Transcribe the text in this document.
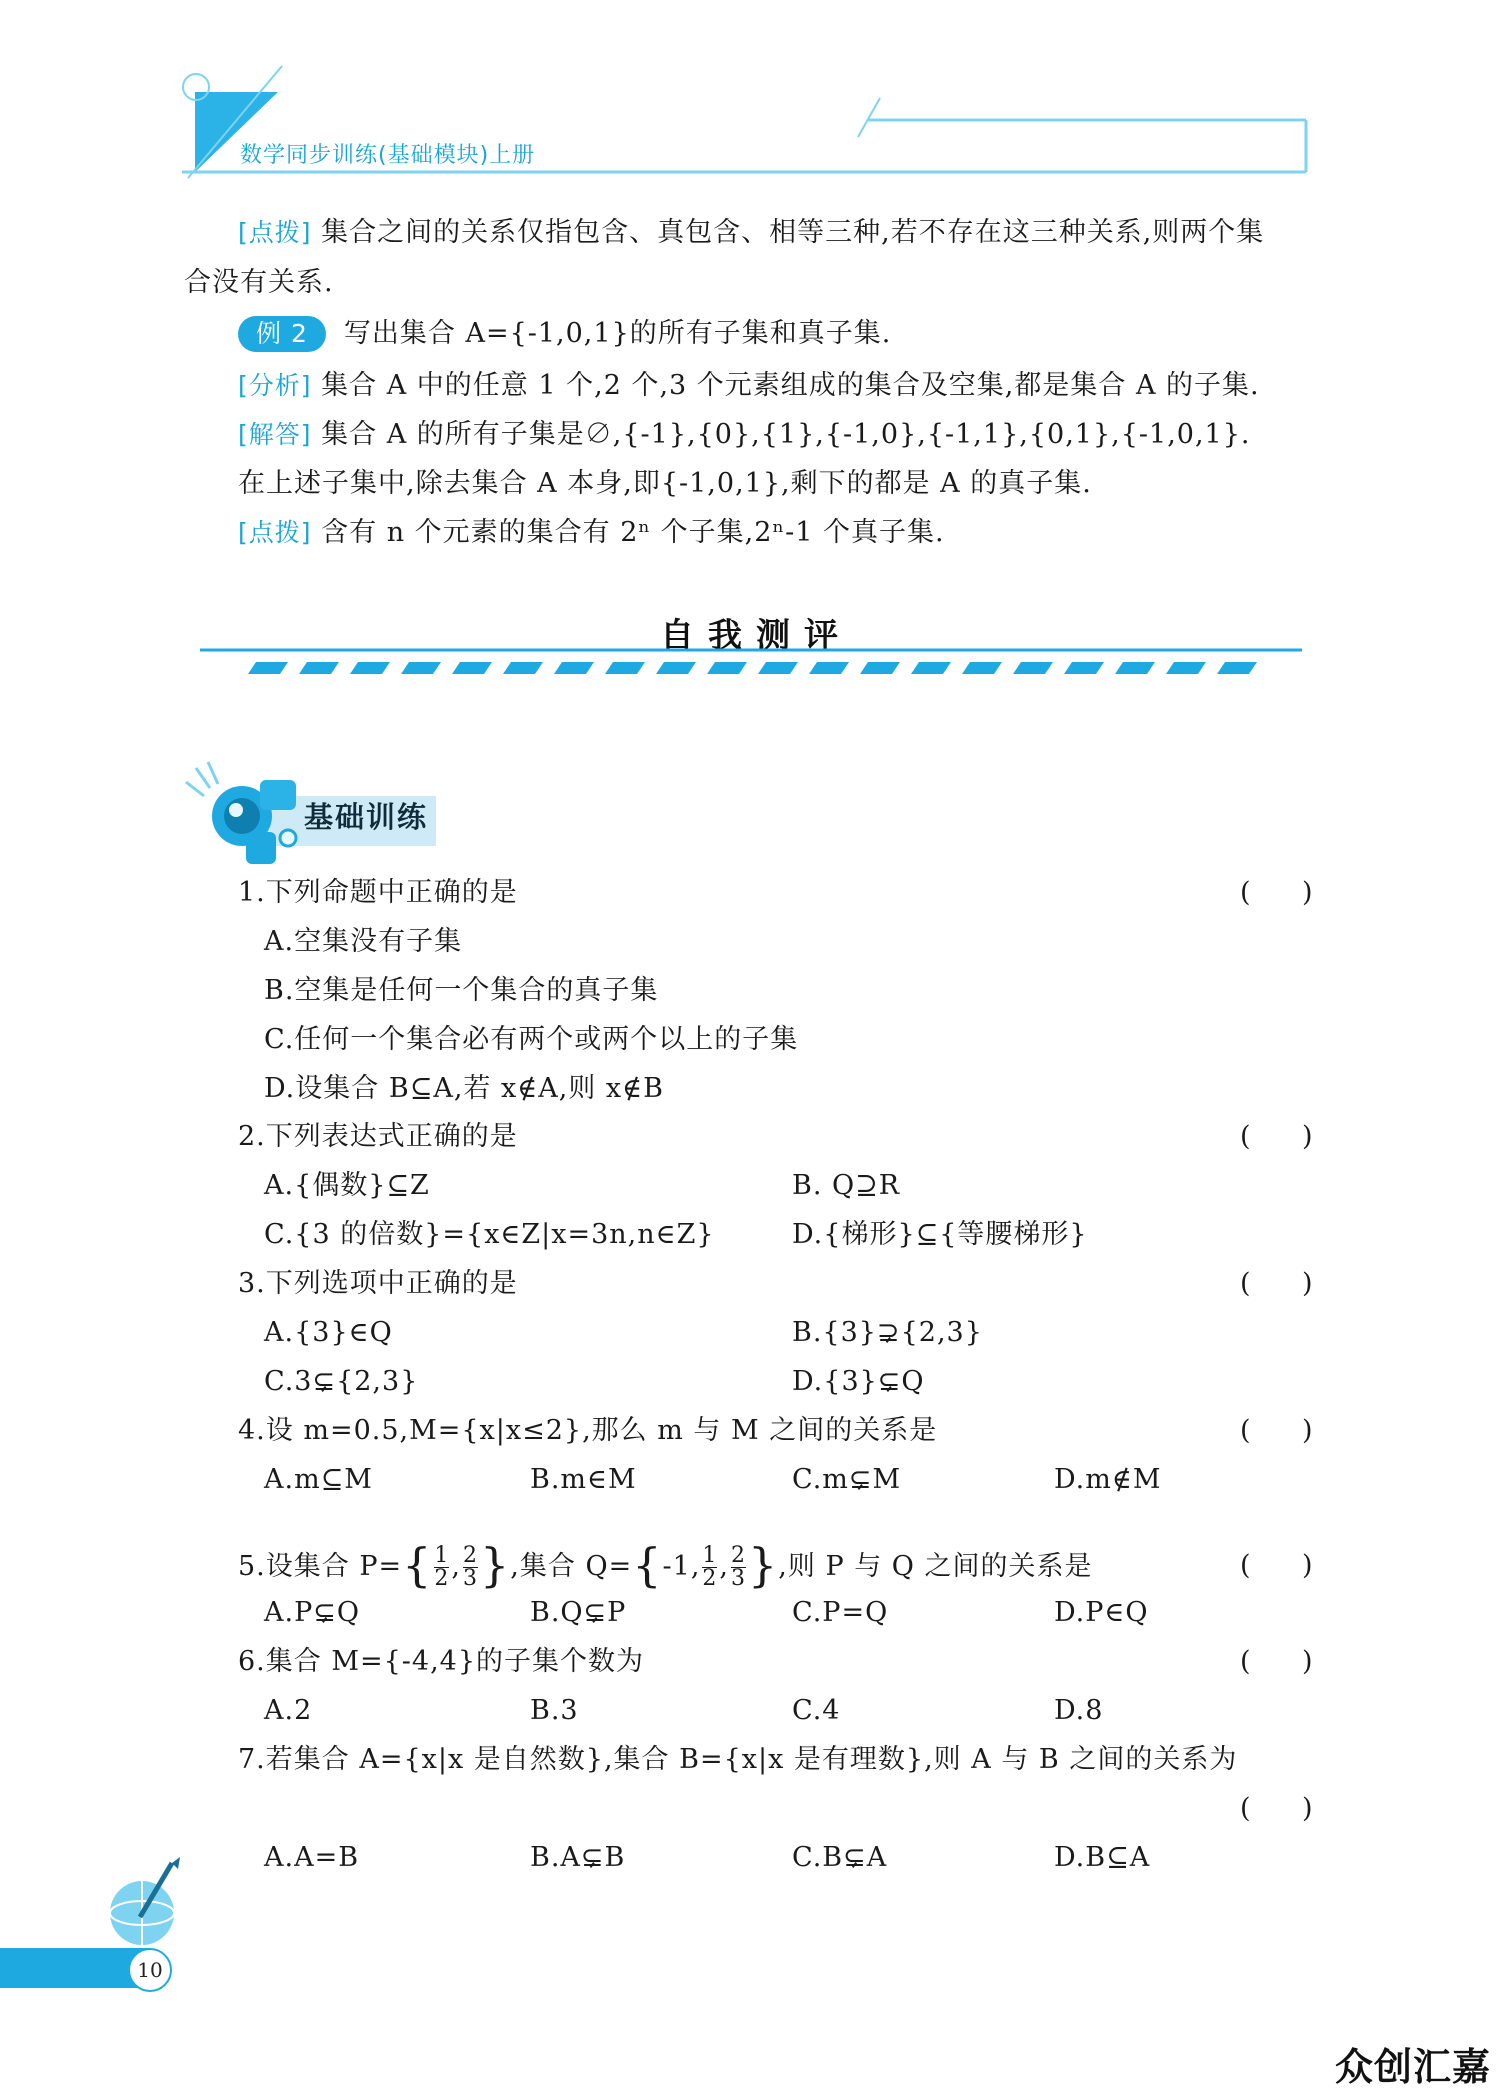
数学同步训练(基础模块)上册
[点拨] 集合之间的关系仅指包含、真包含、相等三种,若不存在这三种关系,则两个集
合没有关系.
例 2 写出集合 A={-1,0,1}的所有子集和真子集.
[分析] 集合 A 中的任意 1 个,2 个,3 个元素组成的集合及空集,都是集合 A 的子集.
[解答] 集合 A 的所有子集是∅,{-1},{0},{1},{-1,0},{-1,1},{0,1},{-1,0,1}.
在上述子集中,除去集合 A 本身,即{-1,0,1},剩下的都是 A 的真子集.
[点拨] 含有 n 个元素的集合有 2ⁿ 个子集,2ⁿ-1 个真子集.
自我测评
基础训练
1.下列命题中正确的是	(      )
A.空集没有子集
B.空集是任何一个集合的真子集
C.任何一个集合必有两个或两个以上的子集
D.设集合 B⊆A,若 x∉A,则 x∉B
2.下列表达式正确的是	(      )
A.{偶数}⊆Z	B. Q⊇R
C.{3 的倍数}={x∈Z|x=3n,n∈Z}	D.{梯形}⊆{等腰梯形}
3.下列选项中正确的是	(      )
A.{3}∈Q	B.{3}⊋{2,3}
C.3⊊{2,3}	D.{3}⊊Q
4.设 m=0.5,M={x|x≤2},那么 m 与 M 之间的关系是	(      )
A.m⊆M	B.m∈M	C.m⊊M	D.m∉M
5.设集合 $P=\{ \frac{1}{2}$ , $\frac{2}{3}$ },集合 Q={-1, $\frac{1}{2}$ , $\frac{2}{3}$ },则 P 与 Q 之间的关系是	(      )
A.P⊊Q	B.Q⊊P	C.P=Q	D.P∈Q
6.集合 M={-4,4}的子集个数为	(      )
A.2	B.3	C.4	D.8
7.若集合 A={x|x 是自然数},集合 B={x|x 是有理数},则 A 与 B 之间的关系为
(      )
A.A=B	B.A⊊B	C.B⊊A	D.B⊆A
10
众创汇嘉
